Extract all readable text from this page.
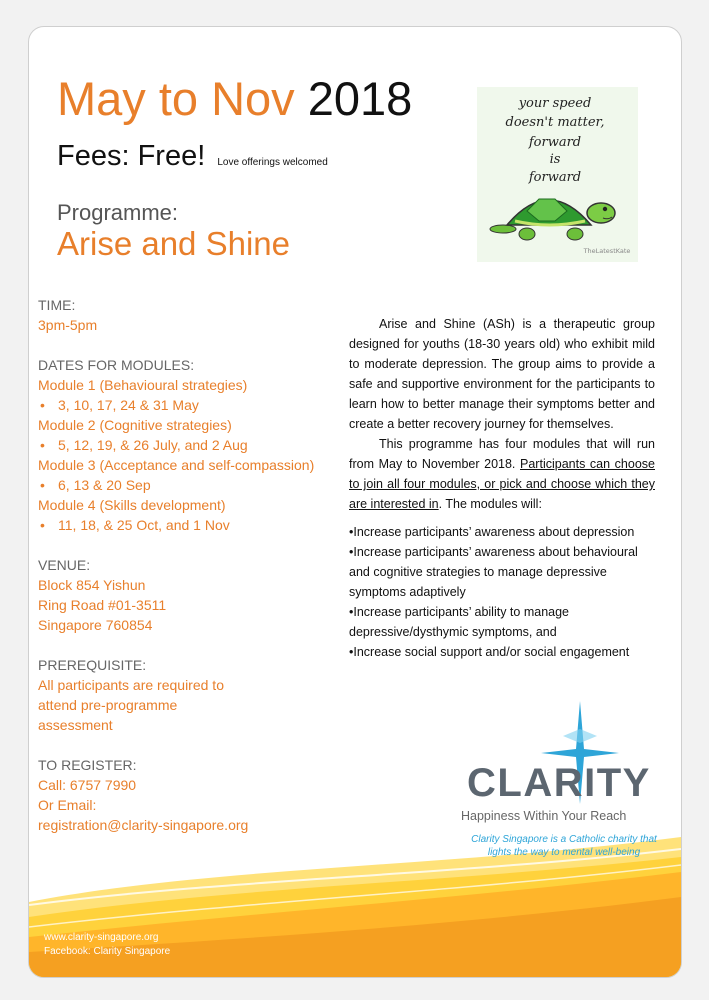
May to Nov 2018
Fees: Free! Love offerings welcomed
Programme:
Arise and Shine
your speed
doesn't matter,
forward
is
forward
TheLatestKate
TIME:
3pm-5pm
DATES FOR MODULES:
Module 1 (Behavioural strategies)
• 3, 10, 17, 24 & 31 May
Module 2 (Cognitive strategies)
• 5, 12, 19, & 26 July, and 2 Aug
Module 3 (Acceptance and self-compassion)
• 6, 13 & 20 Sep
Module 4 (Skills development)
• 11, 18, & 25 Oct, and 1 Nov
VENUE:
Block 854 Yishun
Ring Road #01-3511
Singapore 760854
PREREQUISITE:
All participants are required to
attend pre-programme
assessment
TO REGISTER:
Call: 6757 7990
Or Email:
registration@clarity-singapore.org

Arise and Shine (ASh) is a therapeutic group designed for youths (18-30 years old) who exhibit mild to moderate depression. The group aims to provide a safe and supportive environment for the participants to learn how to better manage their symptoms better and create a better recovery journey for themselves.

This programme has four modules that will run from May to November 2018. Participants can choose to join all four modules, or pick and choose which they are interested in. The modules will:

•Increase participants’ awareness about depression
•Increase participants’ awareness about behavioural and cognitive strategies to manage depressive symptoms adaptively
•Increase participants’ ability to manage depressive/dysthymic symptoms, and
•Increase social support and/or social engagement
CLARITY
Happiness Within Your Reach
Clarity Singapore is a Catholic charity that lights the way to mental well-being
www.clarity-singapore.org
Facebook: Clarity Singapore
